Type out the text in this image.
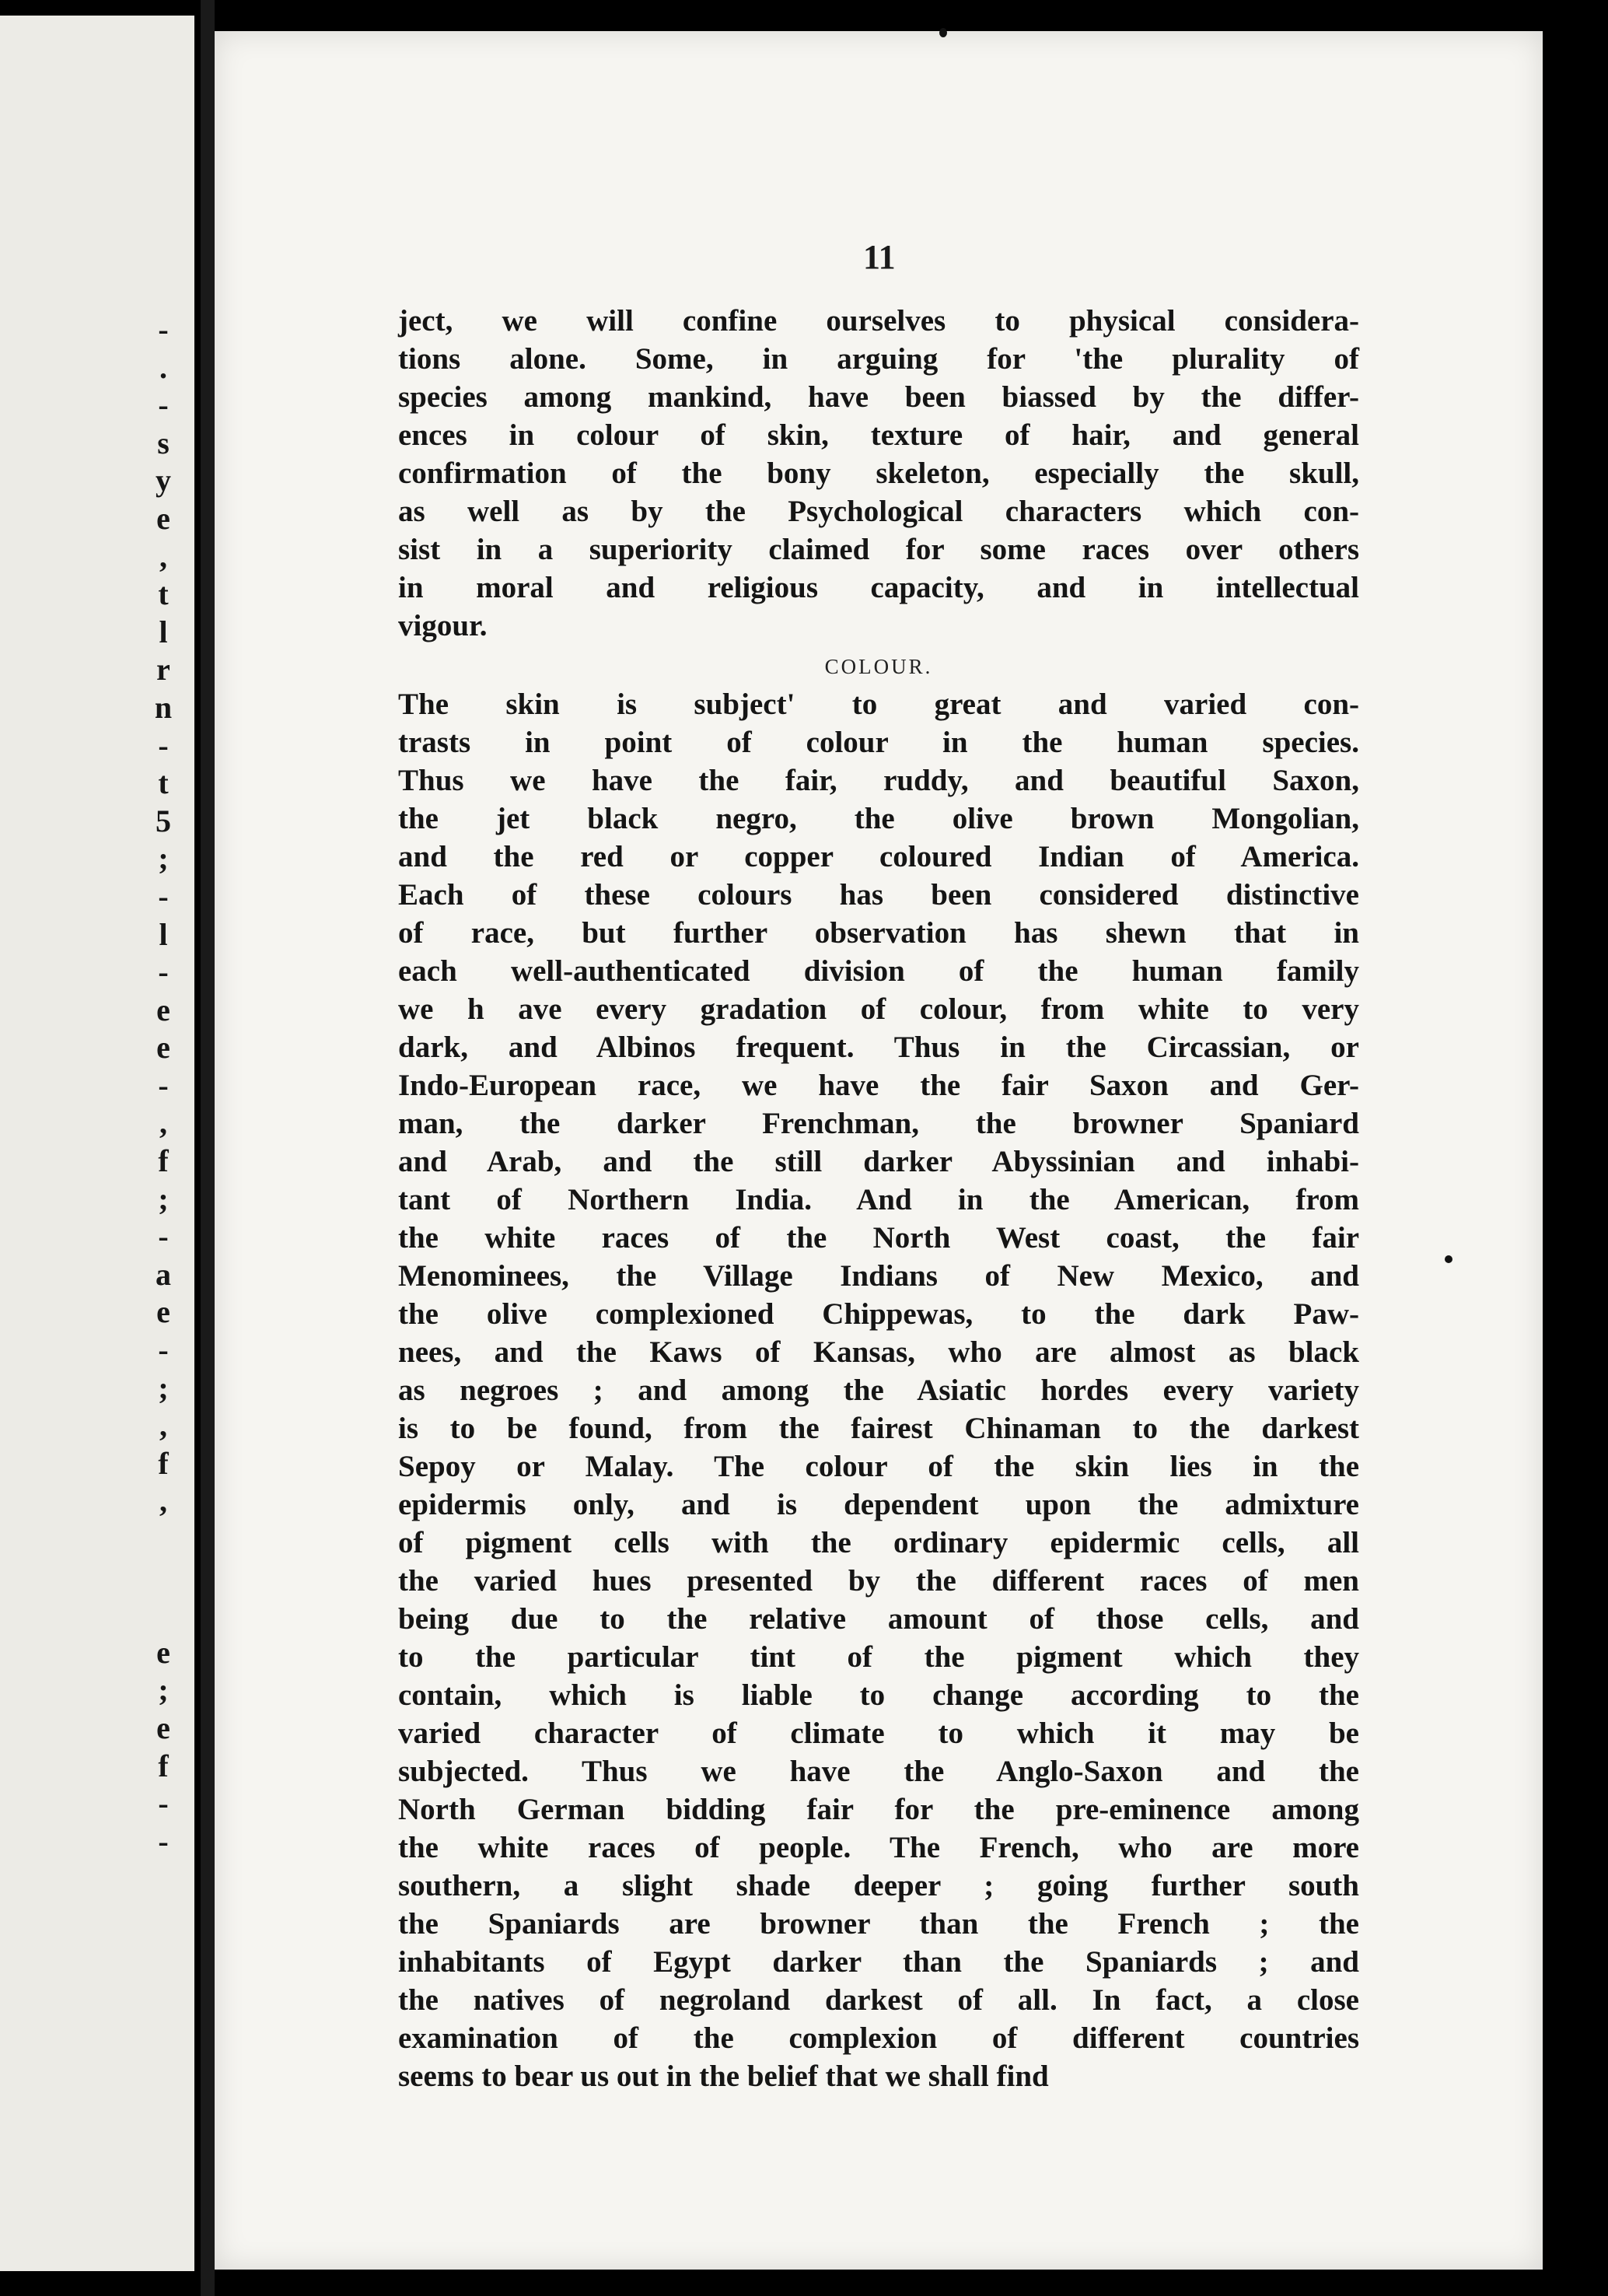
-
.
-
s
y
e
,
t
l
r
n
-
t
5
;
-
l
-
e
e
-
,
f
;
-
a
e
-
;
,
f
,
e
;
e
f
-
-
11
ject, we will confine ourselves to physical considera-
tions alone. Some, in arguing for 'the plurality of
species among mankind, have been biassed by the differ-
ences in colour of skin, texture of hair, and general
confirmation of the bony skeleton, especially the skull,
as well as by the Psychological characters which con-
sist in a superiority claimed for some races over others
in moral and religious capacity, and in intellectual
vigour.
COLOUR.
The skin is subject' to great and varied con-
trasts in point of colour in the human species.
Thus we have the fair, ruddy, and beautiful Saxon,
the jet black negro, the olive brown Mongolian,
and the red or copper coloured Indian of America.
Each of these colours has been considered distinctive
of race, but further observation has shewn that in
each well-authenticated division of the human family
we h ave every gradation of colour, from white to very
dark, and Albinos frequent. Thus in the Circassian, or
Indo-European race, we have the fair Saxon and Ger-
man, the darker Frenchman, the browner Spaniard
and Arab, and the still darker Abyssinian and inhabi-
tant of Northern India. And in the American, from
the white races of the North West coast, the fair
Menominees, the Village Indians of New Mexico, and
the olive complexioned Chippewas, to the dark Paw-
nees, and the Kaws of Kansas, who are almost as black
as negroes ; and among the Asiatic hordes every variety
is to be found, from the fairest Chinaman to the darkest
Sepoy or Malay. The colour of the skin lies in the
epidermis only, and is dependent upon the admixture
of pigment cells with the ordinary epidermic cells, all
the varied hues presented by the different races of men
being due to the relative amount of those cells, and
to the particular tint of the pigment which they
contain, which is liable to change according to the
varied character of climate to which it may be
subjected. Thus we have the Anglo-Saxon and the
North German bidding fair for the pre-eminence among
the white races of people. The French, who are more
southern, a slight shade deeper ; going further south
the Spaniards are browner than the French ; the
inhabitants of Egypt darker than the Spaniards ; and
the natives of negroland darkest of all. In fact, a close
examination of the complexion of different countries
seems to bear us out in the belief that we shall find
